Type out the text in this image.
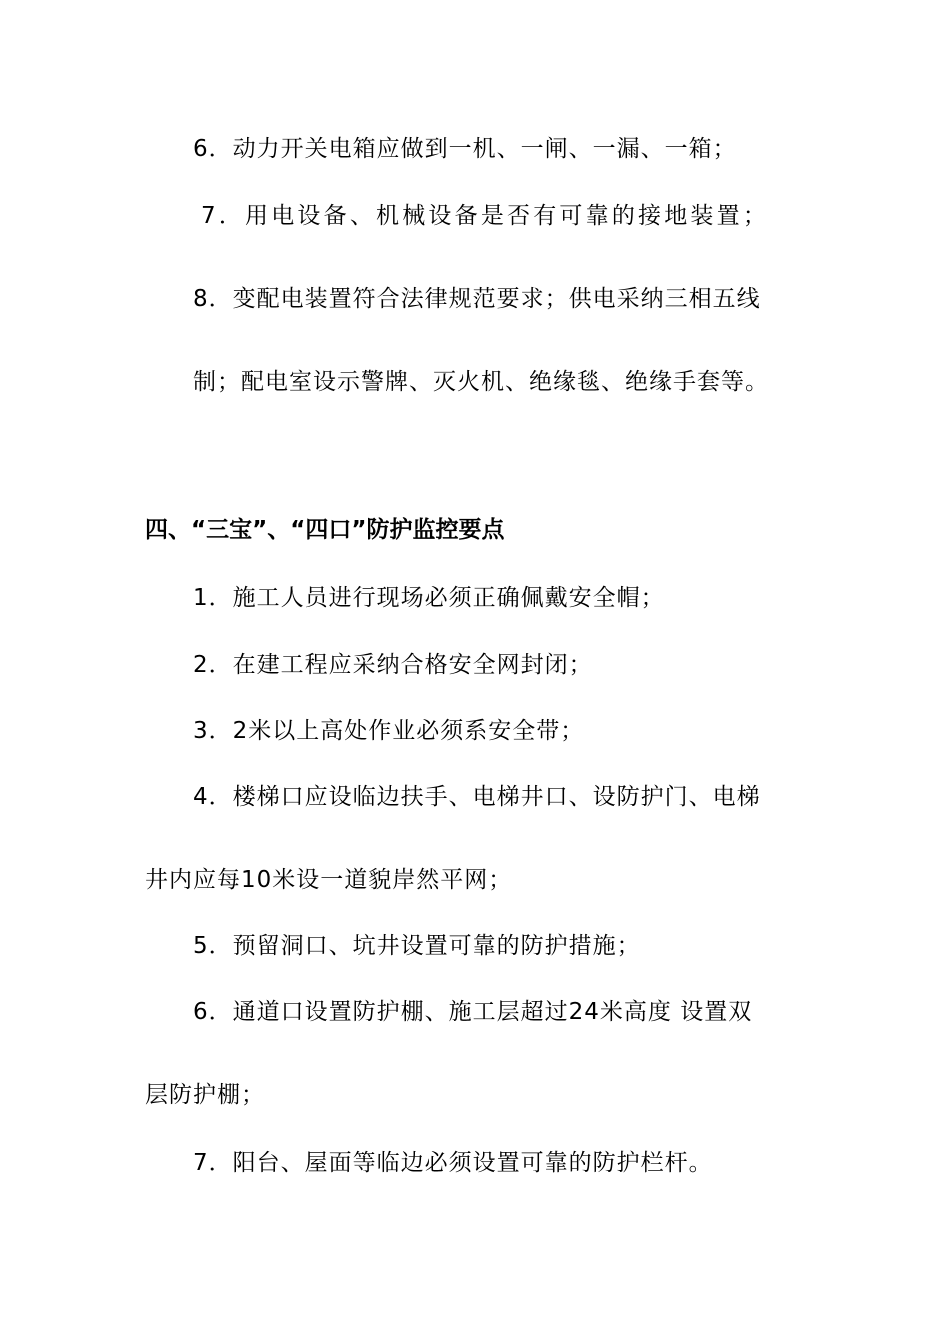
6．动力开关电箱应做到一机、一闸、一漏、一箱；
7．用电设备、机械设备是否有可靠的接地装置；
8．变配电装置符合法律规范要求；供电采纳三相五线
制；配电室设示警牌、灭火机、绝缘毯、绝缘手套等。
四、“三宝”、“四口”防护监控要点
1．施工人员进行现场必须正确佩戴安全帽；
2．在建工程应采纳合格安全网封闭；
3．2米以上高处作业必须系安全带；
4．楼梯口应设临边扶手、电梯井口、设防护门、电梯
井内应每10米设一道貌岸然平网；
5．预留洞口、坑井设置可靠的防护措施；
6．通道口设置防护棚、施工层超过24米高度 设置双
层防护棚；
7．阳台、屋面等临边必须设置可靠的防护栏杆。
